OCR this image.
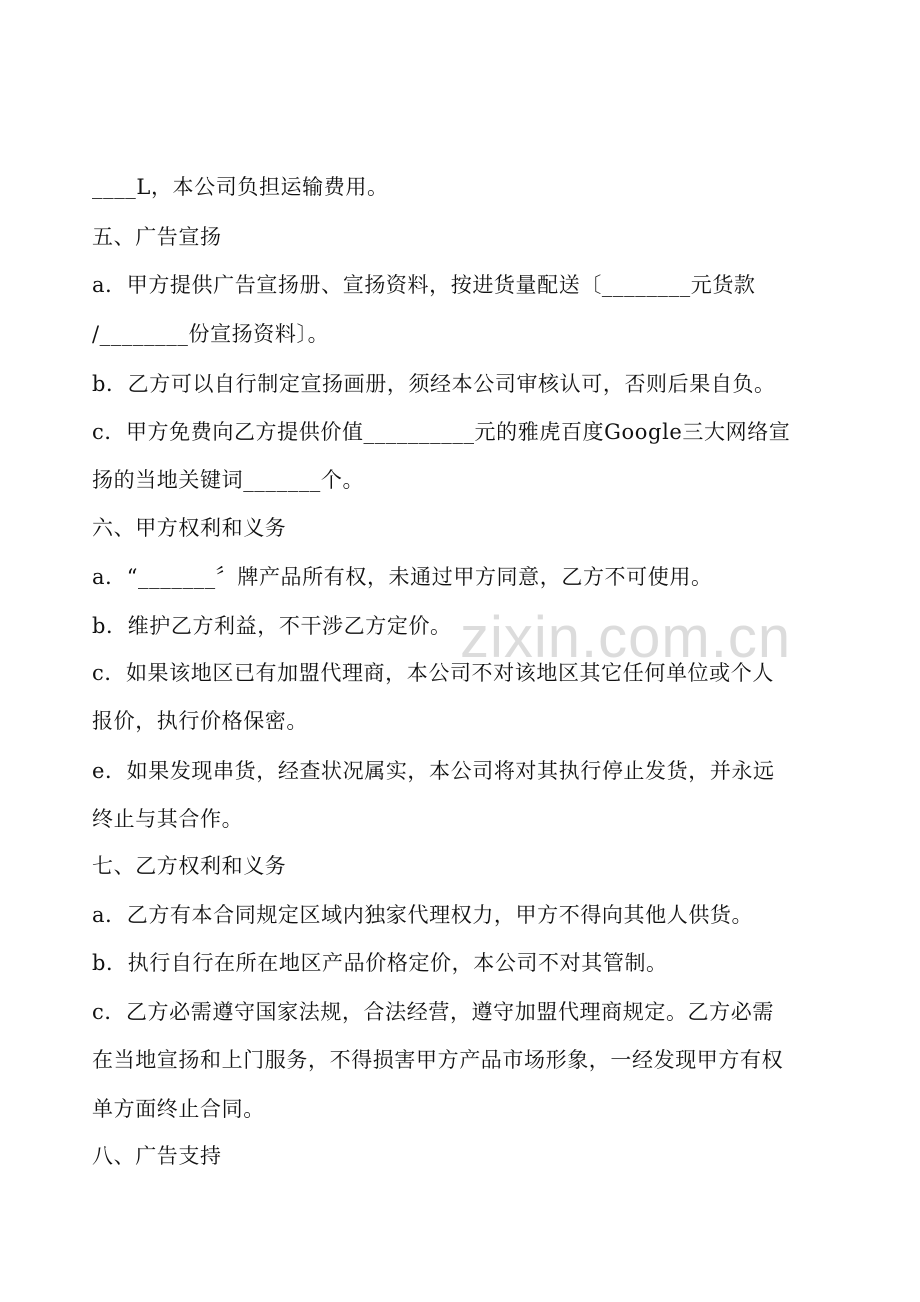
____L，本公司负担运输费用。
五、广告宣扬
a．甲方提供广告宣扬册、宣扬资料，按进货量配送〔________元货款
/________份宣扬资料〕。
b．乙方可以自行制定宣扬画册，须经本公司审核认可，否则后果自负。
c．甲方免费向乙方提供价值__________元的雅虎百度Google三大网络宣
扬的当地关键词_______个。
六、甲方权利和义务
a．“_______〞牌产品所有权，未通过甲方同意，乙方不可使用。
b．维护乙方利益，不干涉乙方定价。
c．如果该地区已有加盟代理商，本公司不对该地区其它任何单位或个人
报价，执行价格保密。
e．如果发现串货，经查状况属实，本公司将对其执行停止发货，并永远
终止与其合作。
七、乙方权利和义务
a．乙方有本合同规定区域内独家代理权力，甲方不得向其他人供货。
b．执行自行在所在地区产品价格定价，本公司不对其管制。
c．乙方必需遵守国家法规，合法经营，遵守加盟代理商规定。乙方必需
在当地宣扬和上门服务，不得损害甲方产品市场形象，一经发现甲方有权
单方面终止合同。
八、广告支持
zixin.com.cn
